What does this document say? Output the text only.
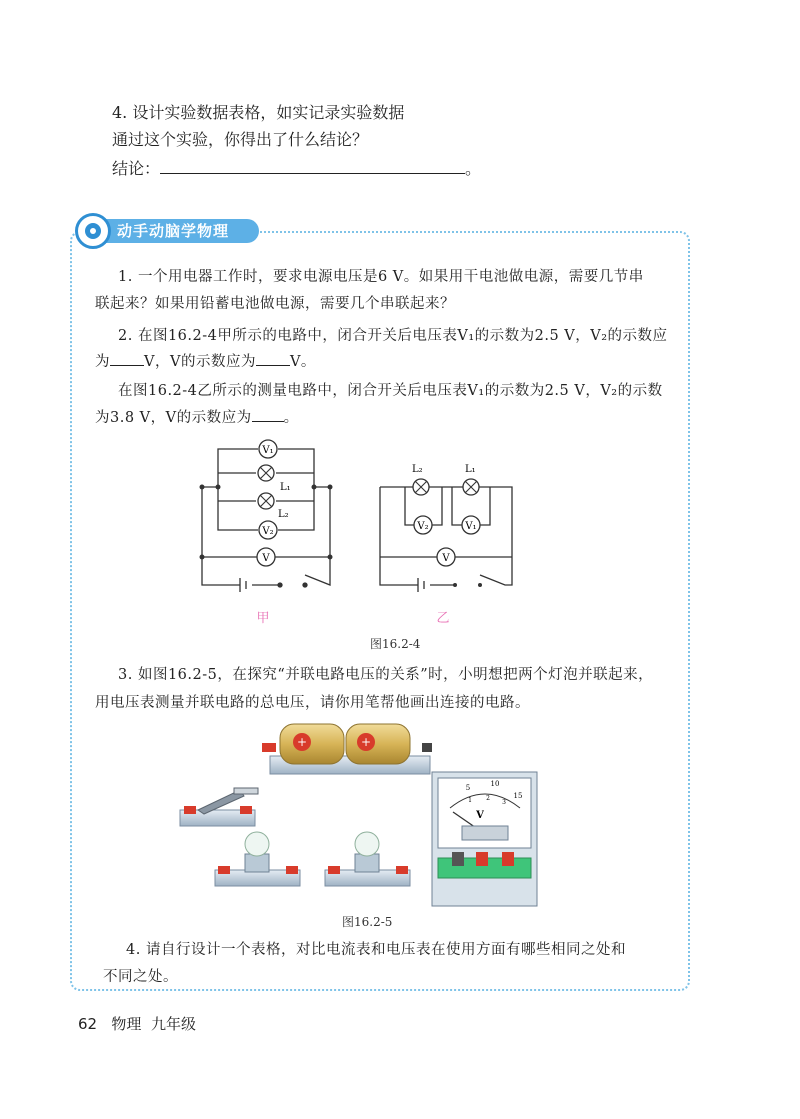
4. 设计实验数据表格，如实记录实验数据
通过这个实验，你得出了什么结论？
结论：	。
动手动脑学物理
1. 一个用电器工作时，要求电源电压是6 V。如果用干电池做电源，需要几节串
联起来？如果用铅蓄电池做电源，需要几个串联起来？
2. 在图16.2-4甲所示的电路中，闭合开关后电压表V₁的示数为2.5 V，V₂的示数应
为 V，V的示数应为 V。
在图16.2-4乙所示的测量电路中，闭合开关后电压表V₁的示数为2.5 V，V₂的示数
为3.8 V，V的示数应为 。
V₁
L₁
L₂
V₂
V
L₂	L₁
V₂	V₁
V
甲	乙
图16.2-4
3. 如图16.2-5，在探究“并联电路电压的关系”时，小明想把两个灯泡并联起来，
用电压表测量并联电路的总电压，请你用笔帮他画出连接的电路。
+	+
5	10
15
1 2
3
V
图16.2-5
4. 请自行设计一个表格，对比电流表和电压表在使用方面有哪些相同之处和
不同之处。
62 物理 九年级
